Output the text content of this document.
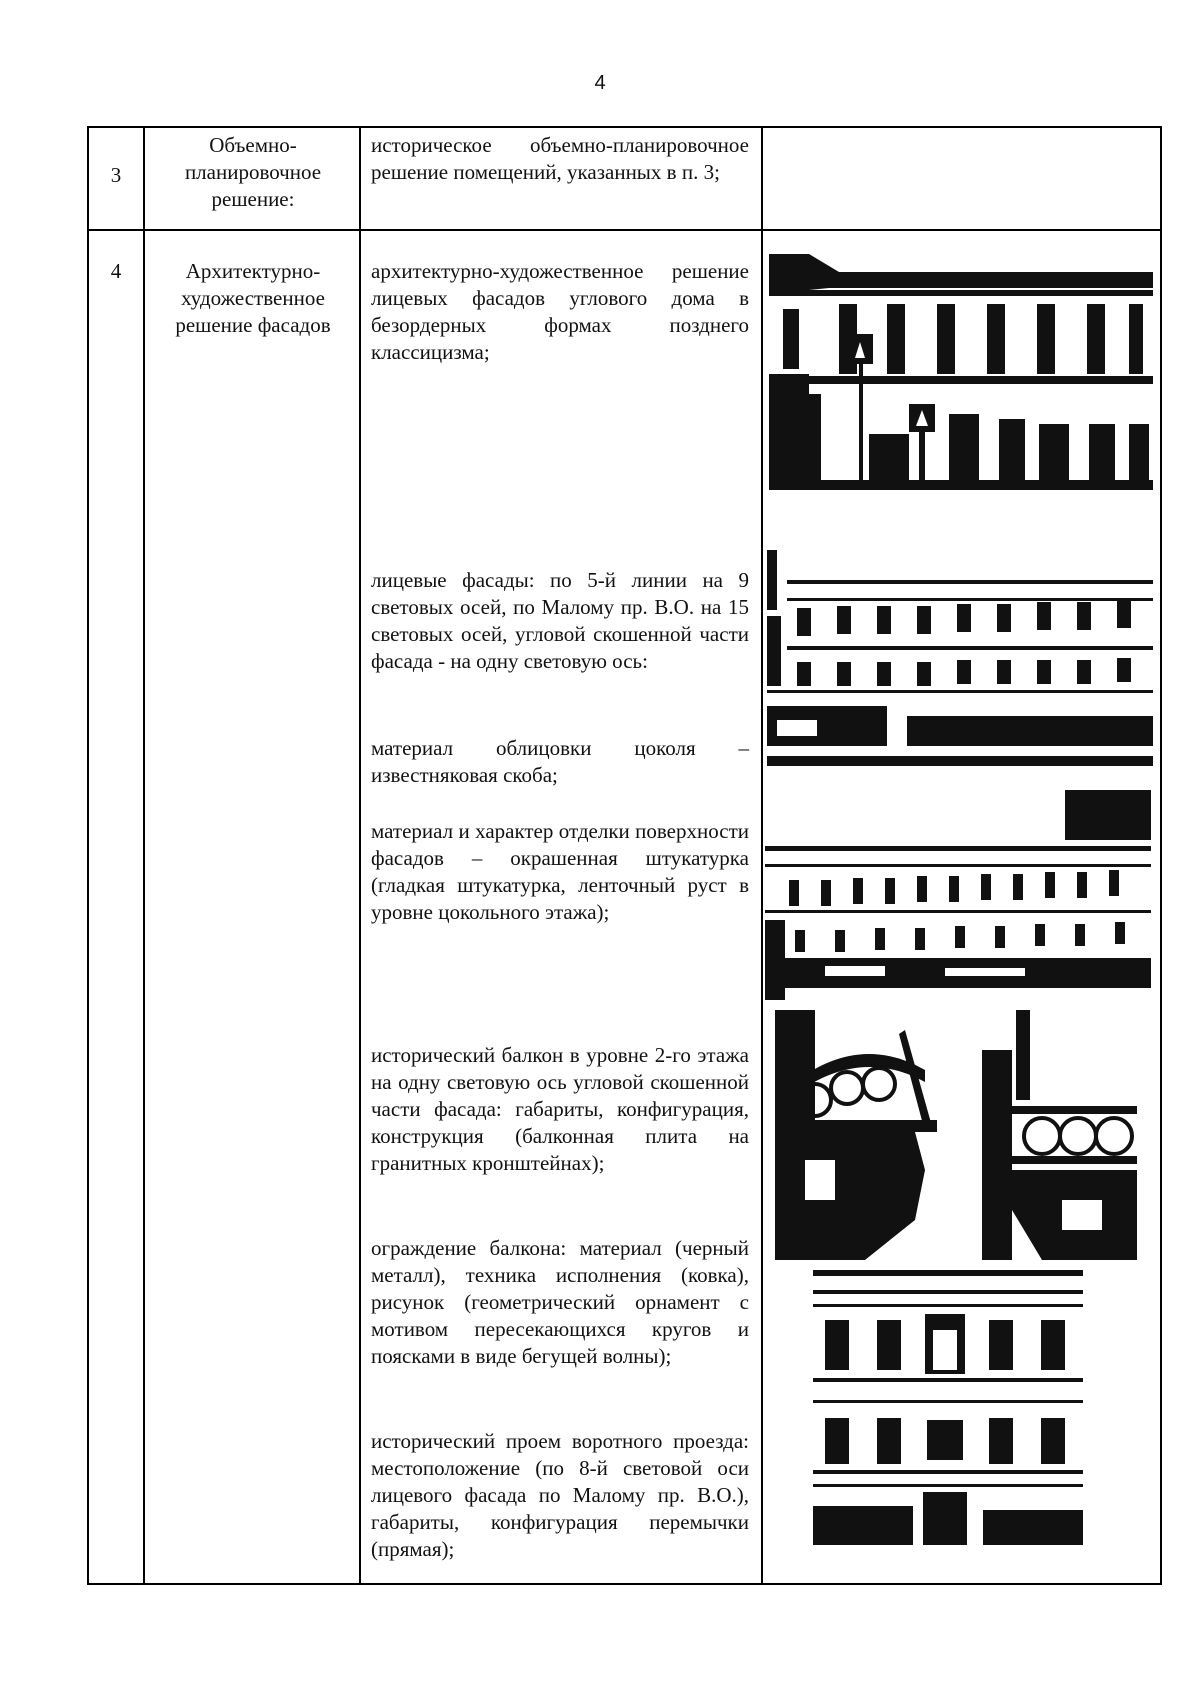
4
3
Объемно-планировочное решение:
историческое объемно-планировочное решение помещений, указанных в п. 3;
4	Архитектурно-художественное решение фасадов

архитектурно-художественное решение лицевых фасадов углового дома в безордерных формах позднего классицизма;

лицевые фасады: по 5-й линии на 9 световых осей, по Малому пр. В.О. на 15 световых осей, угловой скошенной части фасада - на одну световую ось:

материал облицовки цоколя – известняковая скоба;

материал и характер отделки поверхности фасадов – окрашенная штукатурка (гладкая штукатурка, ленточный руст в уровне цокольного этажа);

исторический балкон в уровне 2-го этажа на одну световую ось угловой скошенной части фасада: габариты, конфигурация, конструкция (балконная плита на гранитных кронштейнах);

ограждение балкона: материал (черный металл), техника исполнения (ковка), рисунок (геометрический орнамент с мотивом пересекающихся кругов и поясками в виде бегущей волны);

исторический проем воротного проезда: местоположение (по 8-й световой оси лицевого фасада по Малому пр. В.О.), габариты, конфигурация перемычки (прямая);
